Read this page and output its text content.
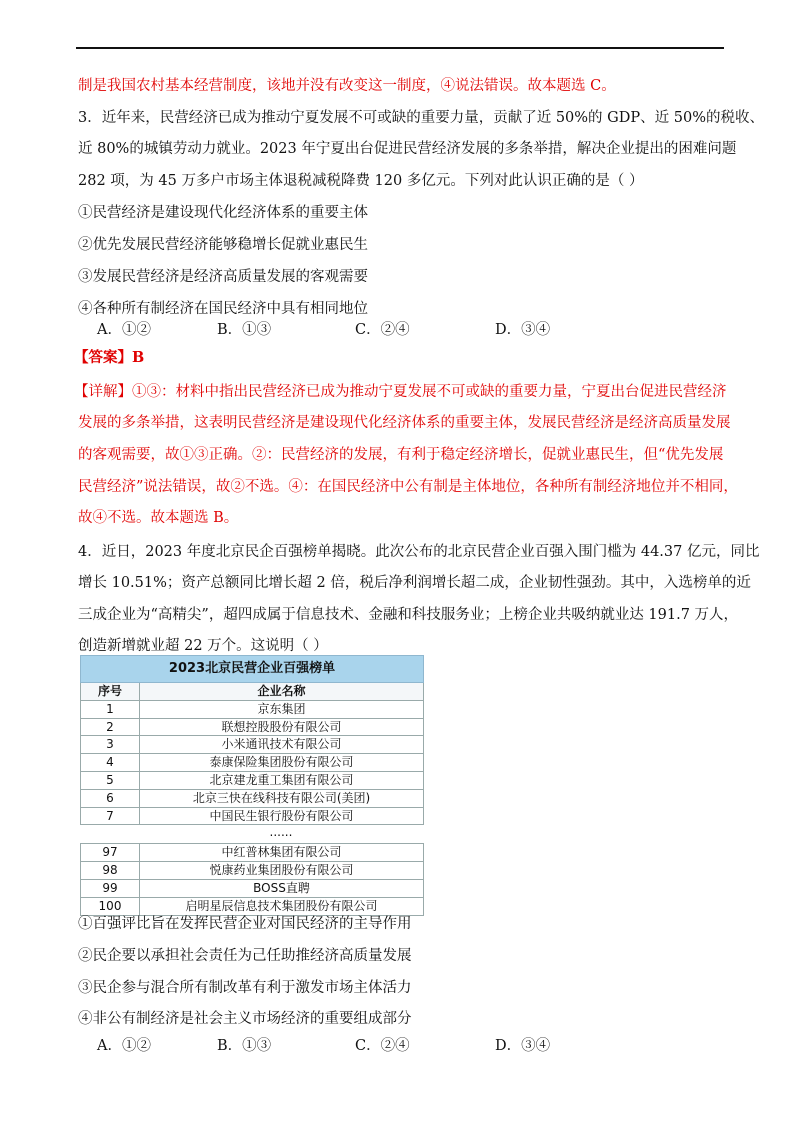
制是我国农村基本经营制度，该地并没有改变这一制度，④说法错误。故本题选 C。
3．近年来，民营经济已成为推动宁夏发展不可或缺的重要力量，贡献了近 50%的 GDP、近 50%的税收、
近 80%的城镇劳动力就业。2023 年宁夏出台促进民营经济发展的多条举措，解决企业提出的困难问题
282 项，为 45 万多户市场主体退税减税降费 120 多亿元。下列对此认识正确的是（ ）
①民营经济是建设现代化经济体系的重要主体
②优先发展民营经济能够稳增长促就业惠民生
③发展民营经济是经济高质量发展的客观需要
④各种所有制经济在国民经济中具有相同地位
A．①②	B．①③	C．②④	D．③④
【答案】B
【详解】①③：材料中指出民营经济已成为推动宁夏发展不可或缺的重要力量，宁夏出台促进民营经济
发展的多条举措，这表明民营经济是建设现代化经济体系的重要主体，发展民营经济是经济高质量发展
的客观需要，故①③正确。②：民营经济的发展，有利于稳定经济增长，促就业惠民生，但“优先发展
民营经济”说法错误，故②不选。④：在国民经济中公有制是主体地位，各种所有制经济地位并不相同，
故④不选。故本题选 B。
4．近日，2023 年度北京民企百强榜单揭晓。此次公布的北京民营企业百强入围门槛为 44.37 亿元，同比
增长 10.51%；资产总额同比增长超 2 倍，税后净利润增长超二成，企业韧性强劲。其中，入选榜单的近
三成企业为“高精尖”，超四成属于信息技术、金融和科技服务业；上榜企业共吸纳就业达 191.7 万人，
创造新增就业超 22 万个。这说明（ ）
2023北京民营企业百强榜单
序号	企业名称
1	京东集团
2	联想控股股份有限公司
3	小米通讯技术有限公司
4	泰康保险集团股份有限公司
5	北京建龙重工集团有限公司
6	北京三快在线科技有限公司(美团)
7	中国民生银行股份有限公司
......
97	中红普林集团有限公司
98	悦康药业集团股份有限公司
99	BOSS直聘
100	启明星辰信息技术集团股份有限公司
①百强评比旨在发挥民营企业对国民经济的主导作用
②民企要以承担社会责任为己任助推经济高质量发展
③民企参与混合所有制改革有利于激发市场主体活力
④非公有制经济是社会主义市场经济的重要组成部分
A．①②	B．①③	C．②④	D．③④
